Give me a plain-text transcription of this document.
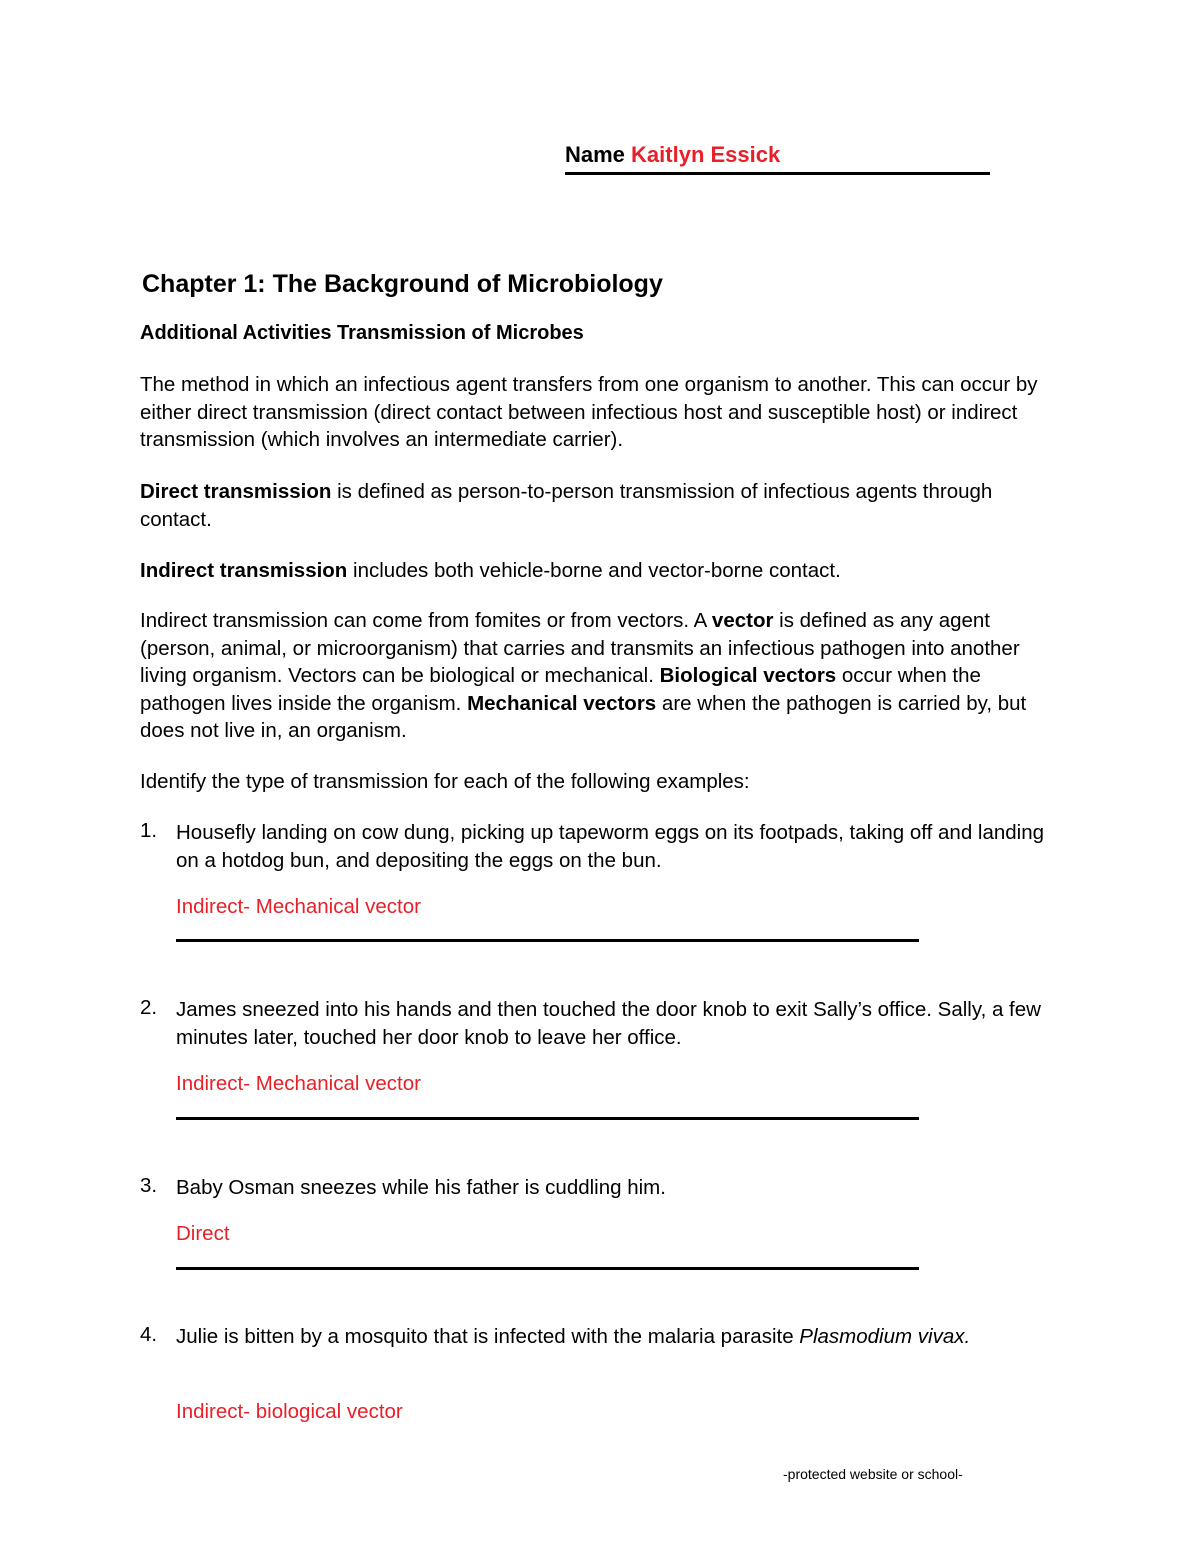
Name Kaitlyn Essick
Chapter 1: The Background of Microbiology
Additional Activities Transmission of Microbes
The method in which an infectious agent transfers from one organism to another. This can occur by either direct transmission (direct contact between infectious host and susceptible host) or indirect transmission (which involves an intermediate carrier).
Direct transmission is defined as person-to-person transmission of infectious agents through contact.
Indirect transmission includes both vehicle-borne and vector-borne contact.
Indirect transmission can come from fomites or from vectors. A vector is defined as any agent (person, animal, or microorganism) that carries and transmits an infectious pathogen into another living organism. Vectors can be biological or mechanical. Biological vectors occur when the pathogen lives inside the organism. Mechanical vectors are when the pathogen is carried by, but does not live in, an organism.
Identify the type of transmission for each of the following examples:
1. Housefly landing on cow dung, picking up tapeworm eggs on its footpads, taking off and landing on a hotdog bun, and depositing the eggs on the bun.
Indirect- Mechanical vector
2. James sneezed into his hands and then touched the door knob to exit Sally’s office. Sally, a few minutes later, touched her door knob to leave her office.
Indirect- Mechanical vector
3. Baby Osman sneezes while his father is cuddling him.
Direct
4. Julie is bitten by a mosquito that is infected with the malaria parasite Plasmodium vivax.
Indirect- biological vector
-protected website or school-
